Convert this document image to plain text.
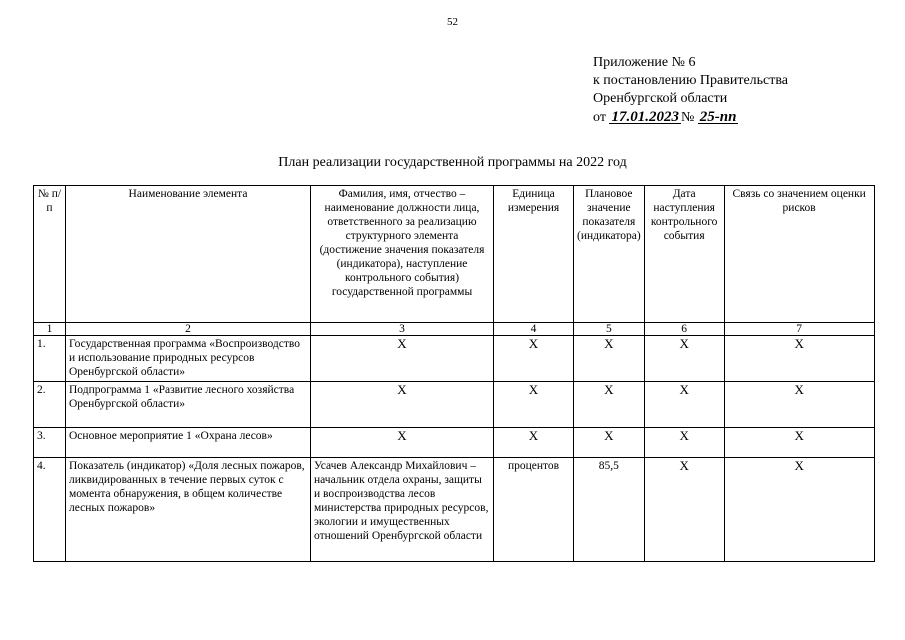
52
Приложение № 6
к постановлению Правительства
Оренбургской области
от 17.01.2023 № 25-пп
План реализации государственной программы на 2022 год
№ п/п	Наименование элемента	Фамилия, имя, отчество – наименование должности лица, ответственного за реализацию структурного элемента (достижение значения показателя (индикатора), наступление контрольного события) государственной программы	Единица измерения	Плановое значение показателя (индикатора)	Дата наступления контрольного события	Связь со значением оценки рисков
1	2	3	4	5	6	7
1.	Государственная программа «Воспроизводство и использование природных ресурсов Оренбургской области»	Х	Х	Х	Х	Х
2.	Подпрограмма 1 «Развитие лесного хозяйства Оренбургской области»	Х	Х	Х	Х	Х
3.	Основное мероприятие 1 «Охрана лесов»	Х	Х	Х	Х	Х
4.	Показатель (индикатор) «Доля лесных пожаров, ликвидированных в течение первых суток с момента обнаружения, в общем количестве лесных пожаров»	Усачев Александр Михайлович – начальник отдела охраны, защиты и воспроизводства лесов министерства природных ресурсов, экологии и имущественных отношений Оренбургской области	процентов	85,5	Х	Х
